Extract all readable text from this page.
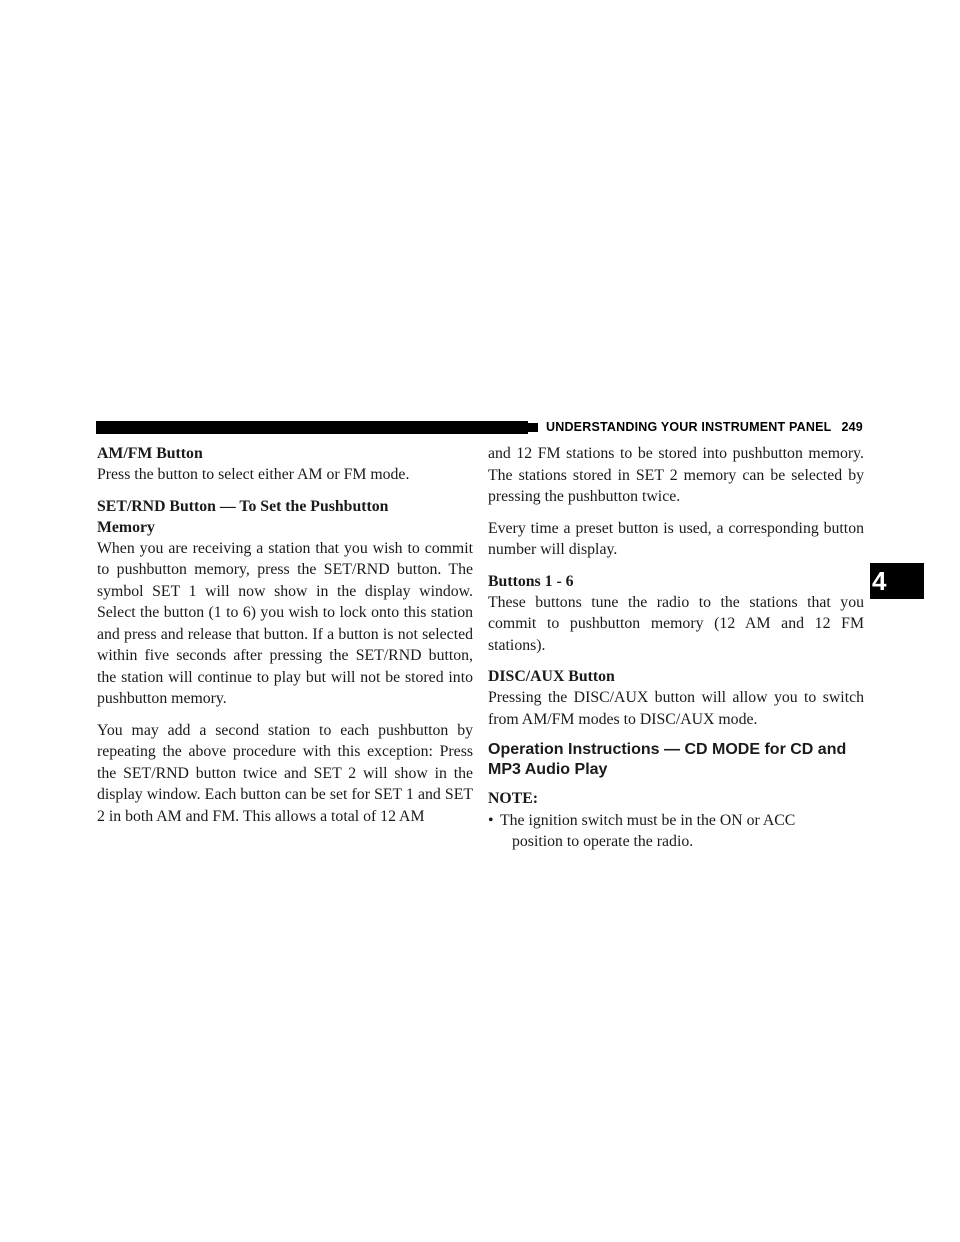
UNDERSTANDING YOUR INSTRUMENT PANEL 249
4
AM/FM Button

Press the button to select either AM or FM mode.

SET/RND Button — To Set the Pushbutton
Memory

When you are receiving a station that you wish to commit to pushbutton memory, press the SET/RND button. The symbol SET 1 will now show in the display window. Select the button (1 to 6) you wish to lock onto this station and press and release that button. If a button is not selected within five seconds after pressing the SET/RND button, the station will continue to play but will not be stored into pushbutton memory.

You may add a second station to each pushbutton by repeating the above procedure with this exception: Press the SET/RND button twice and SET 2 will show in the display window. Each button can be set for SET 1 and SET 2 in both AM and FM. This allows a total of 12 AM

and 12 FM stations to be stored into pushbutton memory. The stations stored in SET 2 memory can be selected by pressing the pushbutton twice.

Every time a preset button is used, a corresponding button number will display.

Buttons 1 - 6

These buttons tune the radio to the stations that you commit to pushbutton memory (12 AM and 12 FM stations).

DISC/AUX Button

Pressing the DISC/AUX button will allow you to switch from AM/FM modes to DISC/AUX mode.

Operation Instructions — CD MODE for CD and
MP3 Audio Play
NOTE:
• The ignition switch must be in the ON or ACC
position to operate the radio.
